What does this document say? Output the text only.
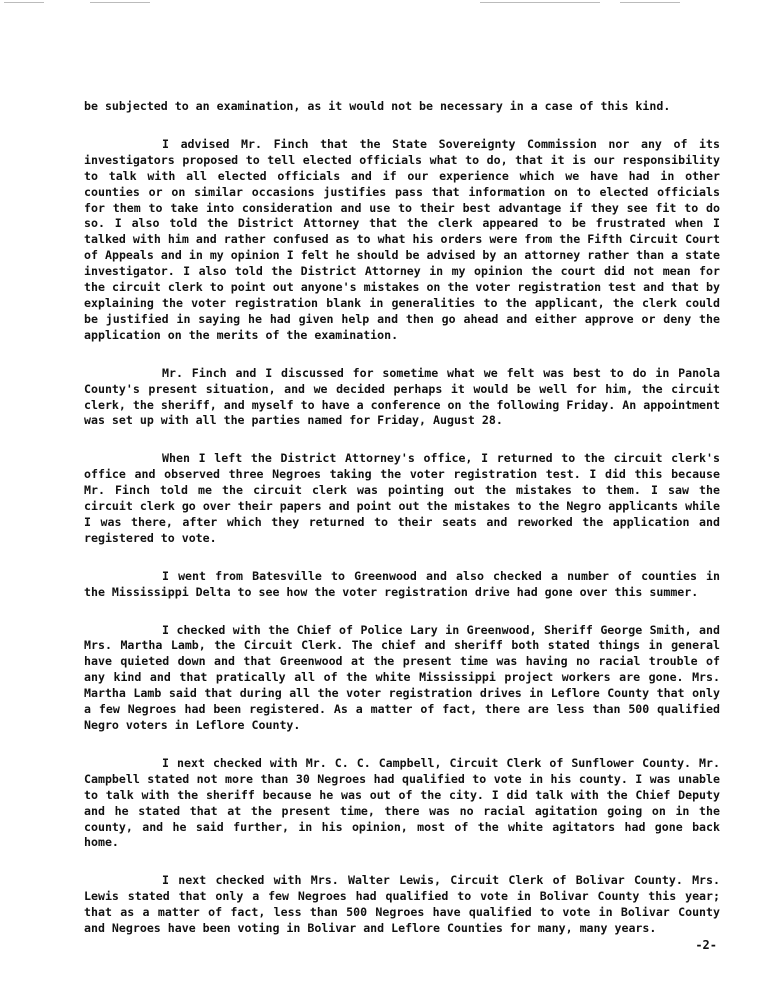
be subjected to an examination, as it would not be necessary in a case of this kind.

I advised Mr. Finch that the State Sovereignty Commission nor any of its investigators proposed to tell elected officials what to do, that it is our responsibility to talk with all elected officials and if our experience which we have had in other counties or on similar occasions justifies pass that information on to elected officials for them to take into consideration and use to their best advantage if they see fit to do so. I also told the District Attorney that the clerk appeared to be frustrated when I talked with him and rather confused as to what his orders were from the Fifth Circuit Court of Appeals and in my opinion I felt he should be advised by an attorney rather than a state investigator. I also told the District Attorney in my opinion the court did not mean for the circuit clerk to point out anyone's mistakes on the voter registration test and that by explaining the voter registration blank in generalities to the applicant, the clerk could be justified in saying he had given help and then go ahead and either approve or deny the application on the merits of the examination.

Mr. Finch and I discussed for sometime what we felt was best to do in Panola County's present situation, and we decided perhaps it would be well for him, the circuit clerk, the sheriff, and myself to have a conference on the following Friday. An appointment was set up with all the parties named for Friday, August 28.

When I left the District Attorney's office, I returned to the circuit clerk's office and observed three Negroes taking the voter registration test. I did this because Mr. Finch told me the circuit clerk was pointing out the mistakes to them. I saw the circuit clerk go over their papers and point out the mistakes to the Negro applicants while I was there, after which they returned to their seats and reworked the application and registered to vote.

I went from Batesville to Greenwood and also checked a number of counties in the Mississippi Delta to see how the voter registration drive had gone over this summer.

I checked with the Chief of Police Lary in Greenwood, Sheriff George Smith, and Mrs. Martha Lamb, the Circuit Clerk. The chief and sheriff both stated things in general have quieted down and that Greenwood at the present time was having no racial trouble of any kind and that pratically all of the white Mississippi project workers are gone. Mrs. Martha Lamb said that during all the voter registration drives in Leflore County that only a few Negroes had been registered. As a matter of fact, there are less than 500 qualified Negro voters in Leflore County.

I next checked with Mr. C. C. Campbell, Circuit Clerk of Sunflower County. Mr. Campbell stated not more than 30 Negroes had qualified to vote in his county. I was unable to talk with the sheriff because he was out of the city. I did talk with the Chief Deputy and he stated that at the present time, there was no racial agitation going on in the county, and he said further, in his opinion, most of the white agitators had gone back home.

I next checked with Mrs. Walter Lewis, Circuit Clerk of Bolivar County. Mrs. Lewis stated that only a few Negroes had qualified to vote in Bolivar County this year; that as a matter of fact, less than 500 Negroes have qualified to vote in Bolivar County and Negroes have been voting in Bolivar and Leflore Counties for many, many years.

-2-
